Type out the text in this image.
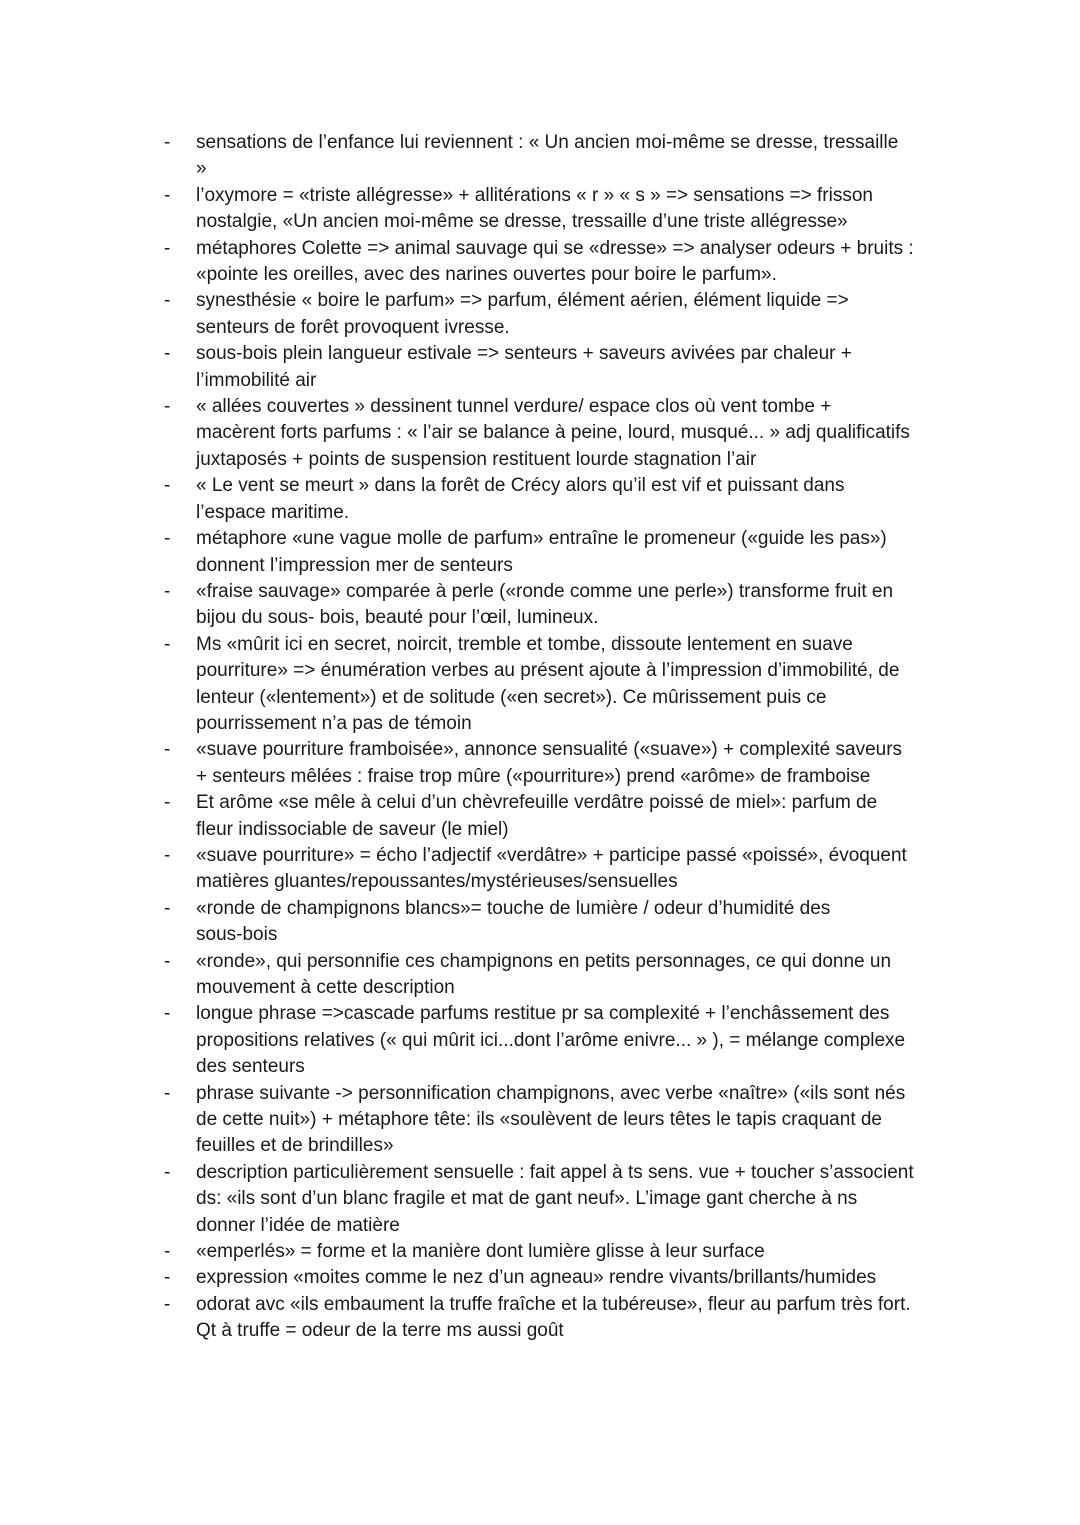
-	sensations de l’enfance lui reviennent : « Un ancien moi-même se dresse, tressaille
»
-	l’oxymore = «triste allégresse» + allitérations « r » « s » => sensations => frisson
nostalgie, «Un ancien moi-même se dresse, tressaille d’une triste allégresse»
-	métaphores Colette => animal sauvage qui se «dresse» => analyser odeurs + bruits :
«pointe les oreilles, avec des narines ouvertes pour boire le parfum».
-	synesthésie « boire le parfum» => parfum, élément aérien, élément liquide =>
senteurs de forêt provoquent ivresse.
-	sous-bois plein langueur estivale => senteurs + saveurs avivées par chaleur +
l’immobilité air
-	« allées couvertes » dessinent tunnel verdure/ espace clos où vent tombe +
macèrent forts parfums : « l’air se balance à peine, lourd, musqué... » adj qualificatifs
juxtaposés + points de suspension restituent lourde stagnation l’air
-	« Le vent se meurt » dans la forêt de Crécy alors qu’il est vif et puissant dans
l’espace maritime.
-	métaphore «une vague molle de parfum» entraîne le promeneur («guide les pas»)
donnent l’impression mer de senteurs
-	«fraise sauvage» comparée à perle («ronde comme une perle») transforme fruit en
bijou du sous- bois, beauté pour l’œil, lumineux.
-	Ms «mûrit ici en secret, noircit, tremble et tombe, dissoute lentement en suave
pourriture» => énumération verbes au présent ajoute à l’impression d’immobilité, de
lenteur («lentement») et de solitude («en secret»). Ce mûrissement puis ce
pourrissement n’a pas de témoin
-	«suave pourriture framboisée», annonce sensualité («suave») + complexité saveurs
+ senteurs mêlées : fraise trop mûre («pourriture») prend «arôme» de framboise
-	Et arôme «se mêle à celui d’un chèvrefeuille verdâtre poissé de miel»: parfum de
fleur indissociable de saveur (le miel)
-	«suave pourriture» = écho l’adjectif «verdâtre» + participe passé «poissé», évoquent
matières gluantes/repoussantes/mystérieuses/sensuelles
-	«ronde de champignons blancs»= touche de lumière / odeur d’humidité des
sous-bois
-	«ronde», qui personnifie ces champignons en petits personnages, ce qui donne un
mouvement à cette description
-	longue phrase =>cascade parfums restitue pr sa complexité + l’enchâssement des
propositions relatives (« qui mûrit ici...dont l’arôme enivre... » ), = mélange complexe
des senteurs
-	phrase suivante -> personnification champignons, avec verbe «naître» («ils sont nés
de cette nuit») + métaphore tête: ils «soulèvent de leurs têtes le tapis craquant de
feuilles et de brindilles»
-	description particulièrement sensuelle : fait appel à ts sens. vue + toucher s’associent
ds: «ils sont d’un blanc fragile et mat de gant neuf». L’image gant cherche à ns
donner l’idée de matière
-	«emperlés» = forme et la manière dont lumière glisse à leur surface
-	expression «moites comme le nez d’un agneau» rendre vivants/brillants/humides
-	odorat avc «ils embaument la truffe fraîche et la tubéreuse», fleur au parfum très fort.
Qt à truffe = odeur de la terre ms aussi goût
